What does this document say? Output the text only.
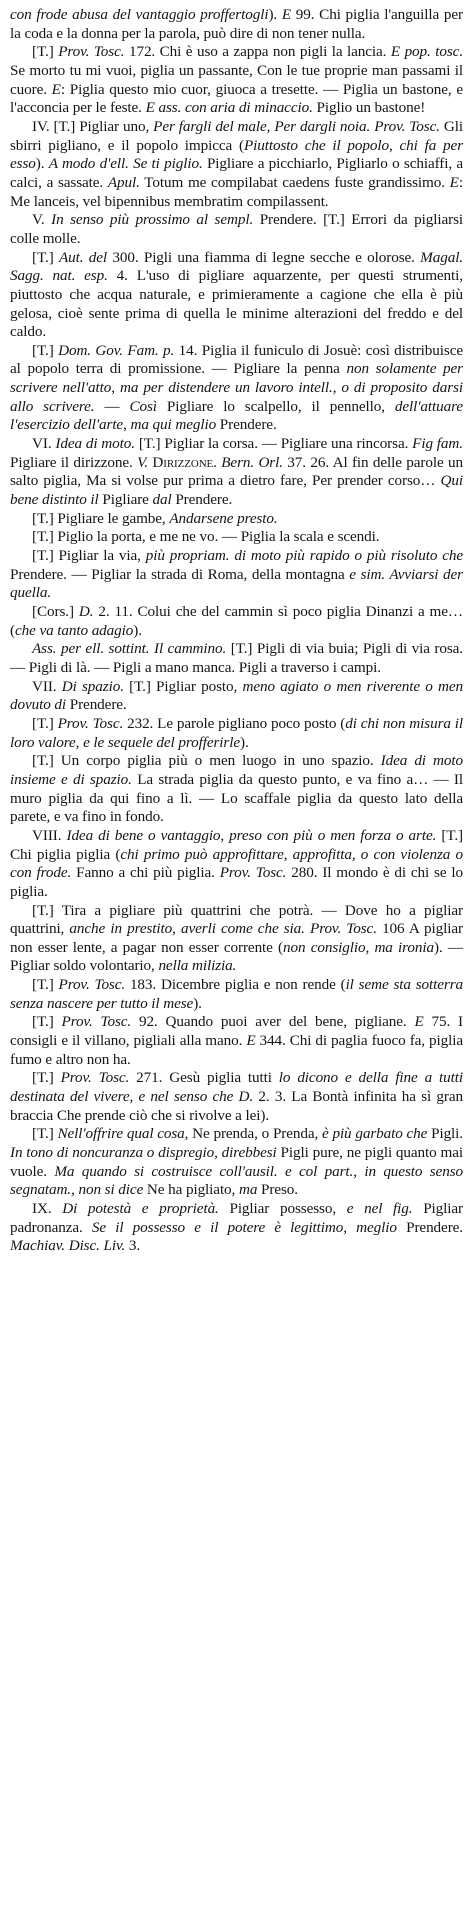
con frode abusa del vantaggio proffertogli). E 99. Chi piglia l'anguilla per la coda e la donna per la parola, può dire di non tener nulla.

[T.] Prov. Tosc. 172. Chi è uso a zappa non pigli la lancia. E pop. tosc. Se morto tu mi vuoi, piglia un passante, Con le tue proprie man passami il cuore. E: Piglia questo mio cuor, giuoca a tresette. — Piglia un bastone, e l'acconcia per le feste. E ass. con aria di minaccio. Piglio un bastone!

IV. [T.] Pigliar uno, Per fargli del male, Per dargli noia. Prov. Tosc. Gli sbirri pigliano, e il popolo impicca (Piuttosto che il popolo, chi fa per esso). A modo d'ell. Se ti piglio. Pigliare a picchiarlo, Pigliarlo o schiaffi, a calci, a sassate. Apul. Totum me compilabat caedens fuste grandissimo. E: Me lanceis, vel bipennibus membratim compilassent.

V. In senso più prossimo al sempl. Prendere. [T.] Errori da pigliarsi colle molle.

[T.] Aut. del 300. Pigli una fiamma di legne secche e olorose. Magal. Sagg. nat. esp. 4. L'uso di pigliare aquarzente, per questi strumenti, piuttosto che acqua naturale, e primieramente a cagione che ella è più gelosa, cioè sente prima di quella le minime alterazioni del freddo e del caldo.

[T.] Dom. Gov. Fam. p. 14. Piglia il funiculo di Josuè: così distribuisce al popolo terra di promissione. — Pigliare la penna non solamente per scrivere nell'atto, ma per distendere un lavoro intell., o di proposito darsi allo scrivere. — Così Pigliare lo scalpello, il pennello, dell'attuare l'esercizio dell'arte, ma qui meglio Prendere.

VI. Idea di moto. [T.] Pigliar la corsa. — Pigliare una rincorsa. Fig fam. Pigliare il dirizzone. V. Dirizzone. Bern. Orl. 37. 26. Al fin delle parole un salto piglia, Ma si volse pur prima a dietro fare, Per prender corso… Qui bene distinto il Pigliare dal Prendere.

[T.] Pigliare le gambe, Andarsene presto.

[T.] Piglio la porta, e me ne vo. — Piglia la scala e scendi.

[T.] Pigliar la via, più propriam. di moto più rapido o più risoluto che Prendere. — Pigliar la strada di Roma, della montagna e sim. Avviarsi der quella.

[Cors.] D. 2. 11. Colui che del cammin sì poco piglia Dinanzi a me… (che va tanto adagio).

Ass. per ell. sottint. Il cammino. [T.] Pigli di via buia; Pigli di via rosa. — Pigli di là. — Pigli a mano manca. Pigli a traverso i campi.

VII. Di spazio. [T.] Pigliar posto, meno agiato o men riverente o men dovuto di Prendere.

[T.] Prov. Tosc. 232. Le parole pigliano poco posto (di chi non misura il loro valore, e le sequele del profferirle).

[T.] Un corpo piglia più o men luogo in uno spazio. Idea di moto insieme e di spazio. La strada piglia da questo punto, e va fino a… — Il muro piglia da qui fino a lì. — Lo scaffale piglia da questo lato della parete, e va fino in fondo.

VIII. Idea di bene o vantaggio, preso con più o men forza o arte. [T.] Chi piglia piglia (chi primo può approfittare, approfitta, o con violenza o con frode. Fanno a chi più piglia. Prov. Tosc. 280. Il mondo è di chi se lo piglia.

[T.] Tira a pigliare più quattrini che potrà. — Dove ho a pigliar quattrini, anche in prestito, averli come che sia. Prov. Tosc. 106 A pigliar non esser lente, a pagar non esser corrente (non consiglio, ma ironia). — Pigliar soldo volontario, nella milizia.

[T.] Prov. Tosc. 183. Dicembre piglia e non rende (il seme sta sotterra senza nascere per tutto il mese).

[T.] Prov. Tosc. 92. Quando puoi aver del bene, pigliane. E 75. I consigli e il villano, pigliali alla mano. E 344. Chi di paglia fuoco fa, piglia fumo e altro non ha.

[T.] Prov. Tosc. 271. Gesù piglia tutti lo dicono e della fine a tutti destinata del vivere, e nel senso che D. 2. 3. La Bontà infinita ha sì gran braccia Che prende ciò che si rivolve a lei).

[T.] Nell'offrire qual cosa, Ne prenda, o Prenda, è più garbato che Pigli. In tono di noncuranza o dispregio, direbbesi Pigli pure, ne pigli quanto mai vuole. Ma quando si costruisce coll'ausil. e col part., in questo senso segnatam., non si dice Ne ha pigliato, ma Preso.

IX. Di potestà e proprietà. Pigliar possesso, e nel fig. Pigliar padronanza. Se il possesso e il potere è legittimo, meglio Prendere. Machiav. Disc. Liv. 3.
